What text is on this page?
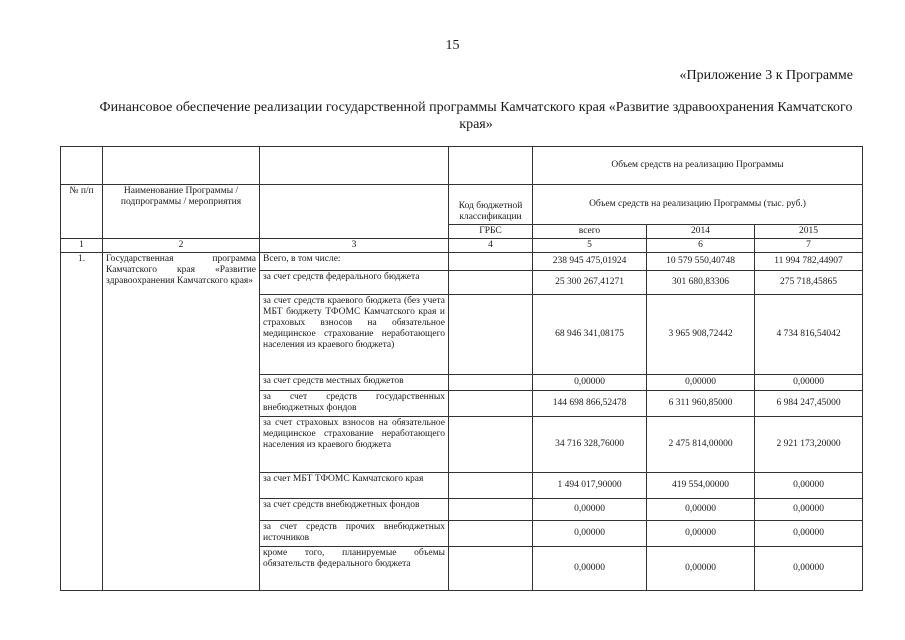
15
«Приложение 3 к Программе
Финансовое обеспечение реализации государственной программы Камчатского края «Развитие здравоохранения Камчатского края»
				Объем средств на реализацию Программы		
№ п/п	Наименование Программы / подпрограммы / мероприятия		Код бюджетной классификации	Объем средств на реализацию Программы (тыс. руб.)		
			ГРБС	всего	2014	2015
1	2	3	4	5	6	7
1.	Государственная программа Камчатского края «Развитие здравоохранения Камчатского края»	Всего, в том числе:		238 945 475,01924	10 579 550,40748	11 994 782,44907
		за счет средств федерального бюджета		25 300 267,41271	301 680,83306	275 718,45865
		за счет средств краевого бюджета (без учета МБТ бюджету ТФОМС Камчатского края и страховых взносов на обязательное медицинское страхование неработающего населения из краевого бюджета)		68 946 341,08175	3 965 908,72442	4 734 816,54042
		за счет средств местных бюджетов		0,00000	0,00000	0,00000
		за счет средств государственных внебюджетных фондов		144 698 866,52478	6 311 960,85000	6 984 247,45000
		за счет страховых взносов на обязательное медицинское страхование неработающего населения из краевого бюджета		34 716 328,76000	2 475 814,00000	2 921 173,20000
		за счет МБТ ТФОМС Камчатского края		1 494 017,90000	419 554,00000	0,00000
		за счет средств внебюджетных фондов		0,00000	0,00000	0,00000
		за счет средств прочих внебюджетных источников		0,00000	0,00000	0,00000
		кроме того, планируемые объемы обязательств федерального бюджета		0,00000	0,00000	0,00000
